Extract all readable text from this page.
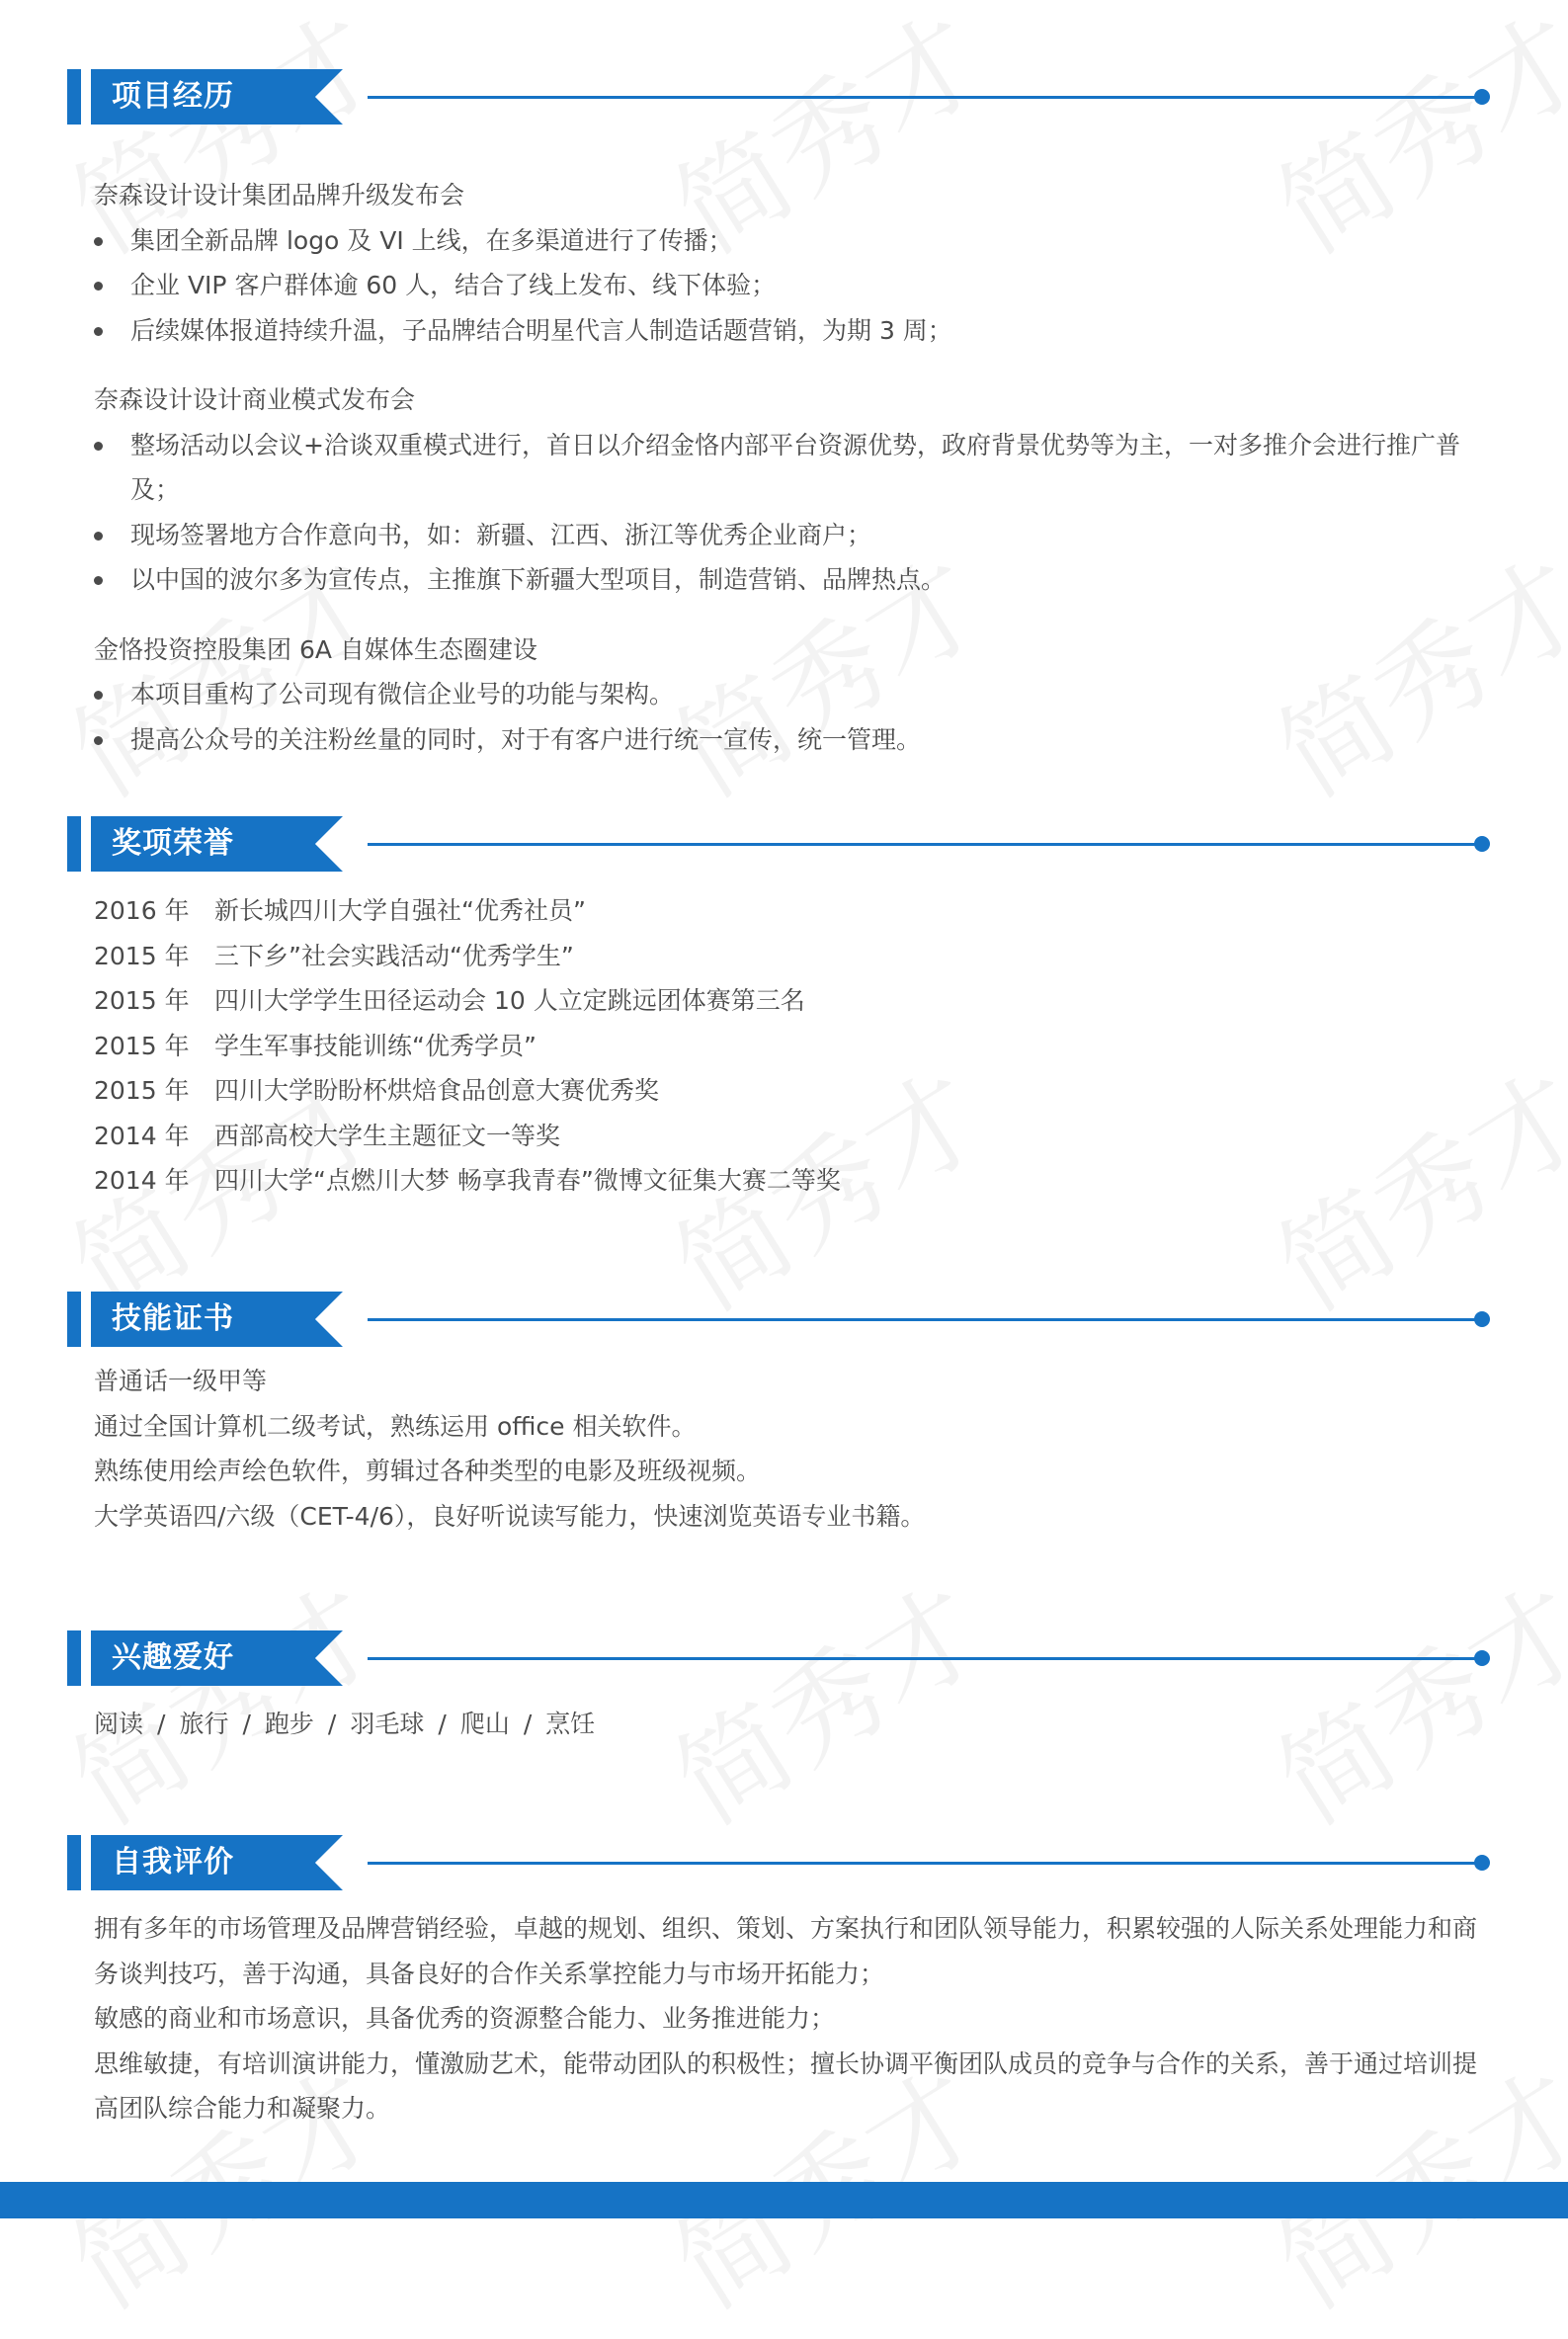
项目经历
奈森设计设计集团品牌升级发布会
集团全新品牌 logo 及 VI 上线，在多渠道进行了传播；
企业 VIP 客户群体逾 60 人，结合了线上发布、线下体验；
后续媒体报道持续升温，子品牌结合明星代言人制造话题营销，为期 3 周；
奈森设计设计商业模式发布会
整场活动以会议+洽谈双重模式进行，首日以介绍金恪内部平台资源优势，政府背景优势等为主，一对多推介会进行推广普及；
现场签署地方合作意向书，如：新疆、江西、浙江等优秀企业商户；
以中国的波尔多为宣传点，主推旗下新疆大型项目，制造营销、品牌热点。
金恪投资控股集团 6A 自媒体生态圈建设
本项目重构了公司现有微信企业号的功能与架构。
提高公众号的关注粉丝量的同时，对于有客户进行统一宣传，统一管理。
奖项荣誉
2016 年 新长城四川大学自强社“优秀社员”
2015 年 三下乡”社会实践活动“优秀学生”
2015 年 四川大学学生田径运动会 10 人立定跳远团体赛第三名
2015 年 学生军事技能训练“优秀学员”
2015 年 四川大学盼盼杯烘焙食品创意大赛优秀奖
2014 年 西部高校大学生主题征文一等奖
2014 年 四川大学“点燃川大梦 畅享我青春”微博文征集大赛二等奖
技能证书
普通话一级甲等
通过全国计算机二级考试，熟练运用 office 相关软件。
熟练使用绘声绘色软件，剪辑过各种类型的电影及班级视频。
大学英语四/六级（CET-4/6），良好听说读写能力，快速浏览英语专业书籍。
兴趣爱好
阅读 / 旅行 / 跑步 / 羽毛球 / 爬山 / 烹饪
自我评价
拥有多年的市场管理及品牌营销经验，卓越的规划、组织、策划、方案执行和团队领导能力，积累较强的人际关系处理能力和商务谈判技巧，善于沟通，具备良好的合作关系掌控能力与市场开拓能力；
敏感的商业和市场意识，具备优秀的资源整合能力、业务推进能力；
思维敏捷，有培训演讲能力，懂激励艺术，能带动团队的积极性；擅长协调平衡团队成员的竞争与合作的关系，善于通过培训提高团队综合能力和凝聚力。
